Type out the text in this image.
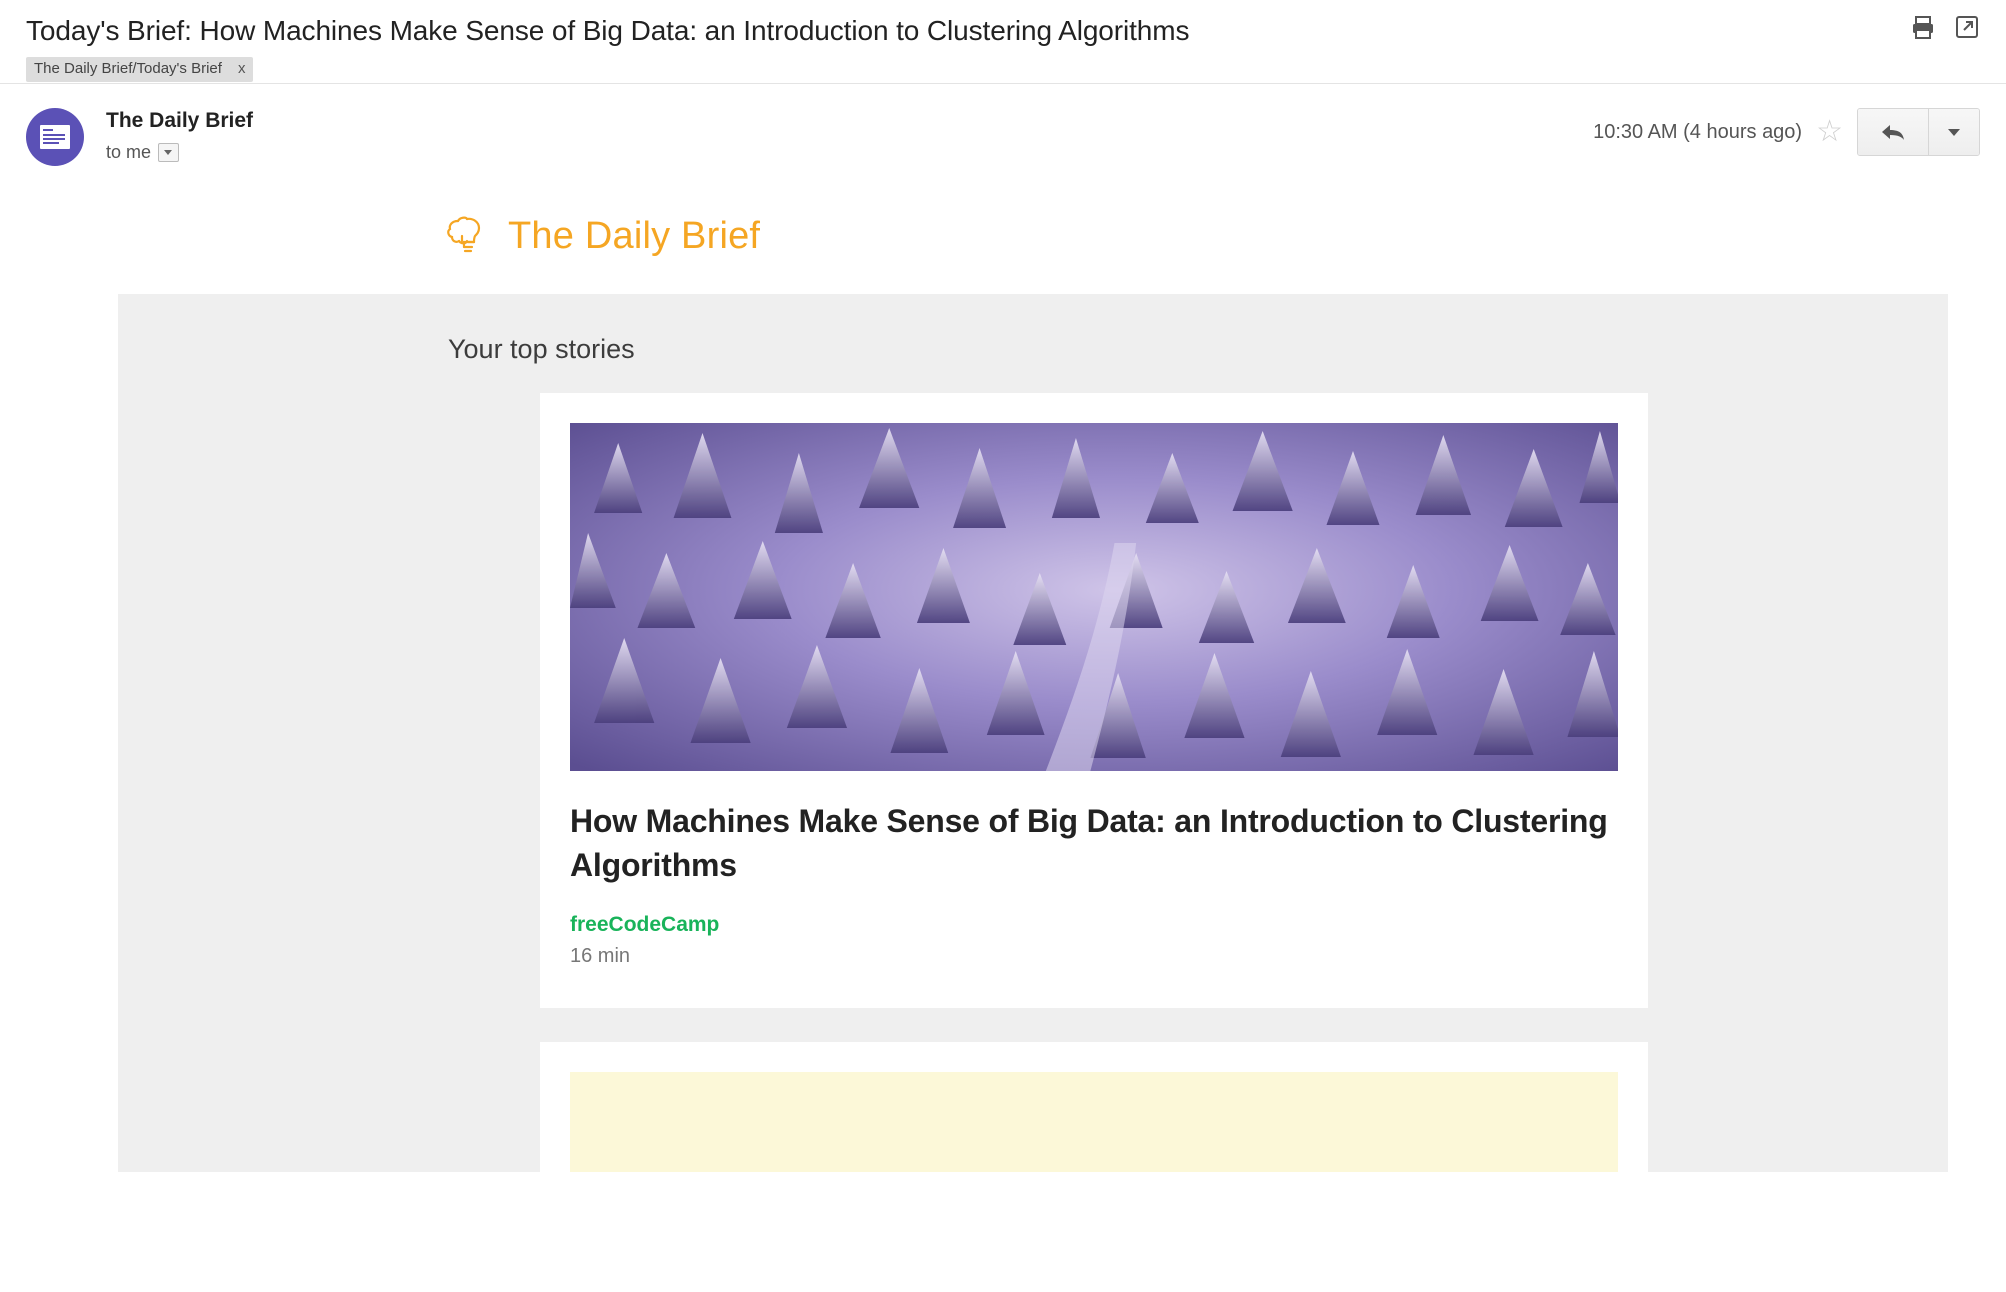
Today's Brief: How Machines Make Sense of Big Data: an Introduction to Clustering Algorithms
The Daily Brief/Today's Brief x
The Daily Brief
to me
10:30 AM (4 hours ago) ☆
The Daily Brief
Your top stories
How Machines Make Sense of Big Data: an Introduction to Clustering Algorithms
freeCodeCamp
16 min
